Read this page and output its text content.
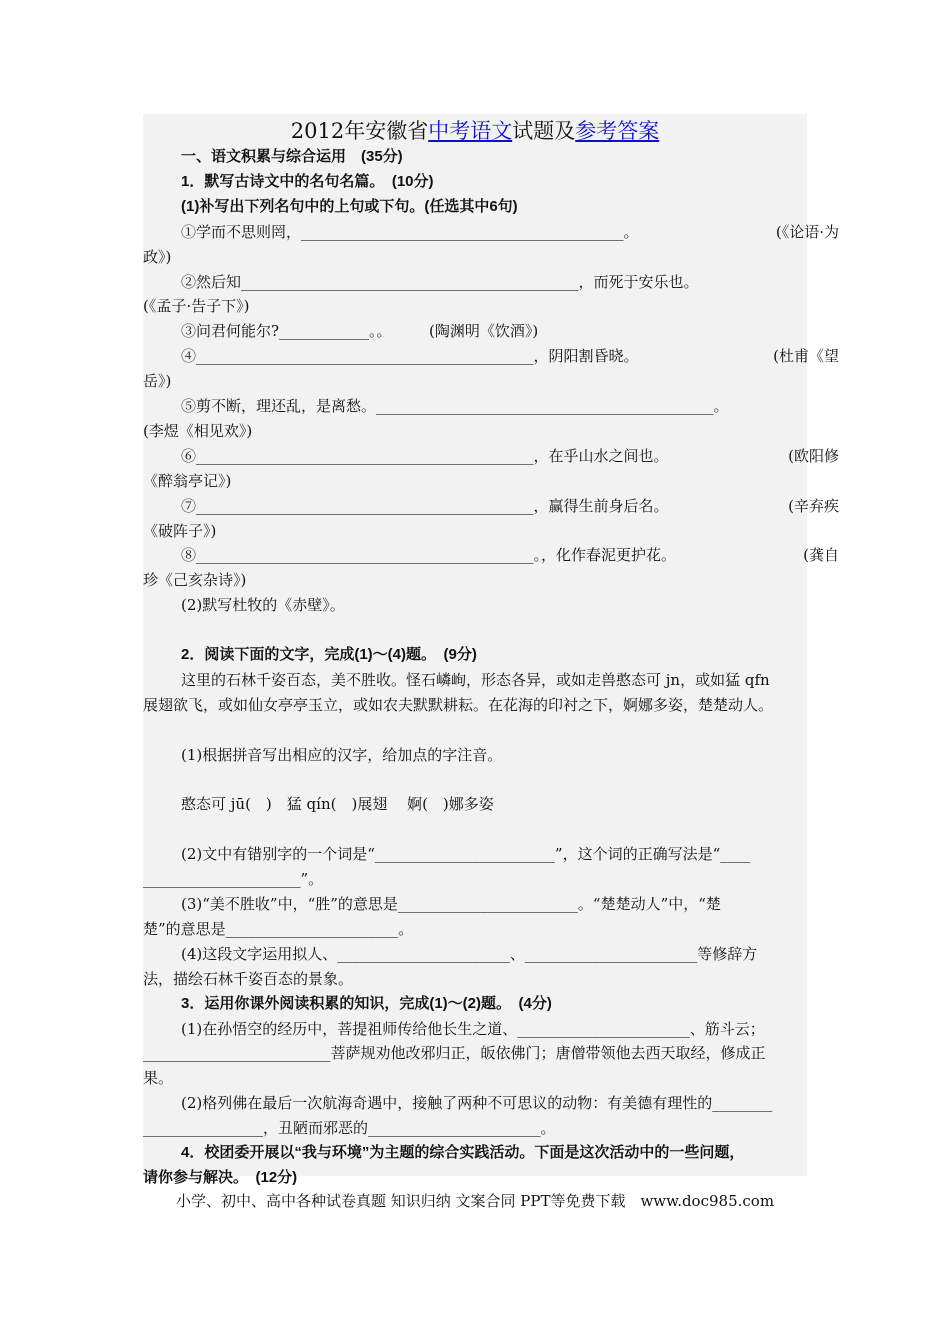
2012年安徽省中考语文试题及参考答案
一、语文积累与综合运用　(35分)
1．默写古诗文中的名句名篇。　(10分)
(1)补写出下列名句中的上句或下句。(任选其中6句)
①学而不思则罔，___________________________________________。	(《论语·为
政》)
②然后知_____________________________________________，而死于安乐也。
(《孟子·告子下》)
③问君何能尔?____________。。　　　(陶渊明《饮酒》)
④_____________________________________________，阴阳割昏晓。	(杜甫《望
岳》)
⑤剪不断，理还乱，是离愁。_____________________________________________。
(李煜《相见欢》)
⑥_____________________________________________，在乎山水之间也。	(欧阳修
《醉翁亭记》)
⑦_____________________________________________，赢得生前身后名。	(辛弃疾
《破阵子》)
⑧_____________________________________________。，化作春泥更护花。	(龚自
珍《己亥杂诗》)
(2)默写杜牧的《赤壁》。
2．阅读下面的文字，完成(1)～(4)题。　(9分)
这里的石林千姿百态，美不胜收。怪石嶙峋，形态各异，或如走兽憨态可 jn，或如猛 qfn
展翅欲飞，或如仙女亭亭玉立，或如农夫默默耕耘。在花海的印衬之下，婀娜多姿，楚楚动人。
(1)根据拼音写出相应的汉字，给加点的字注音。
憨态可 jū(　)　猛 qín(　)展翅　 婀(　)娜多姿
(2)文中有错别字的一个词是“________________________”，这个词的正确写法是“____
_____________________”。
(3)“美不胜收”中，“胜”的意思是________________________。“楚楚动人”中，“楚
楚”的意思是_______________________。
(4)这段文字运用拟人、_______________________、_______________________等修辞方
法，描绘石林千姿百态的景象。
3．运用你课外阅读积累的知识，完成(1)～(2)题。　(4分)
(1)在孙悟空的经历中，菩提祖师传给他长生之道、_______________________、筋斗云；
_________________________菩萨规劝他改邪归正，皈依佛门；唐僧带领他去西天取经，修成正
果。
(2)格列佛在最后一次航海奇遇中，接触了两种不可思议的动物：有美德有理性的________
________________，丑陋而邪恶的_______________________。
4．校团委开展以“我与环境”为主题的综合实践活动。下面是这次活动中的一些问题，
请你参与解决。　(12分)
小学、初中、高中各种试卷真题 知识归纳 文案合同 PPT等免费下载　www.doc985.com
